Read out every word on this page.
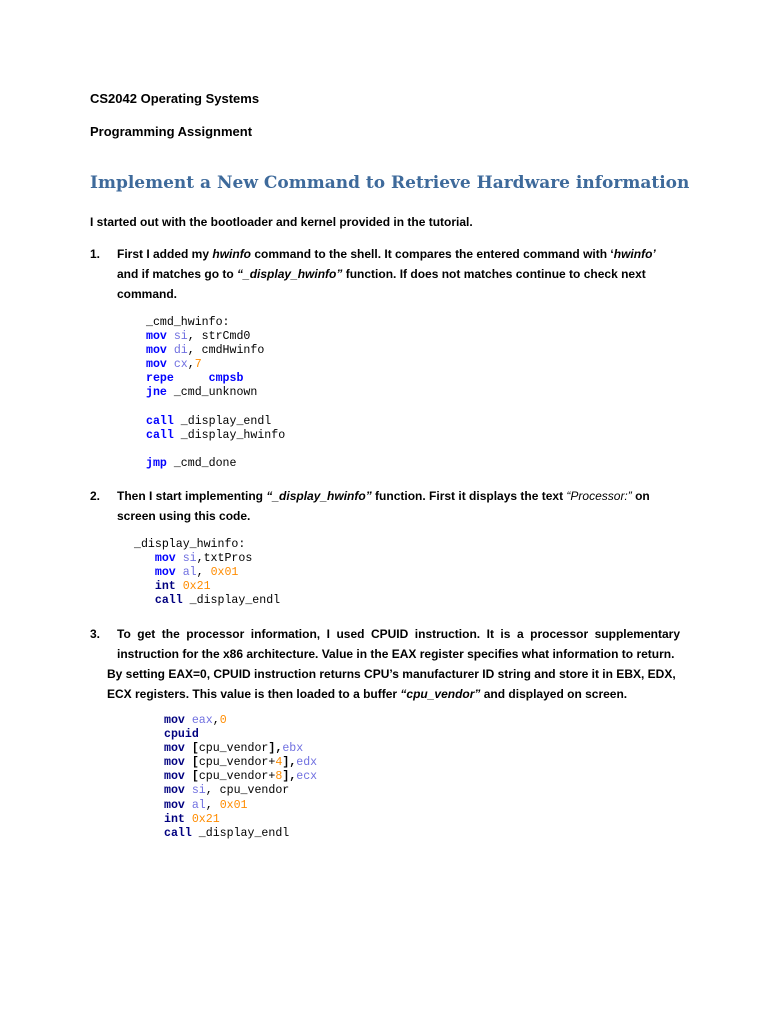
CS2042 Operating Systems
Programming Assignment
Implement a New Command to Retrieve Hardware information
I started out with the bootloader and kernel provided in the tutorial.
1. First I added my hwinfo command to the shell. It compares the entered command with ‘hwinfo’ and if matches go to “_display_hwinfo” function. If does not matches continue to check next command.
_cmd_hwinfo:
mov si, strCmd0
mov di, cmdHwinfo
mov cx,7
repe	cmpsb
jne _cmd_unknown
call _display_endl
call _display_hwinfo
jmp _cmd_done
2. Then I start implementing “_display_hwinfo” function. First it displays the text “Processor:” on screen using this code.
_display_hwinfo:
mov si,txtPros
mov al, 0x01
int 0x21
call _display_endl
3. To get the processor information, I used CPUID instruction. It is a processor supplementary instruction for the x86 architecture. Value in the EAX register specifies what information to return.
By setting EAX=0, CPUID instruction returns CPU’s manufacturer ID string and store it in EBX, EDX, ECX registers. This value is then loaded to a buffer “cpu_vendor” and displayed on screen.
mov eax,0
cpuid
mov [cpu_vendor],ebx
mov [cpu_vendor+4],edx
mov [cpu_vendor+8],ecx
mov si, cpu_vendor
mov al, 0x01
int 0x21
call _display_endl
